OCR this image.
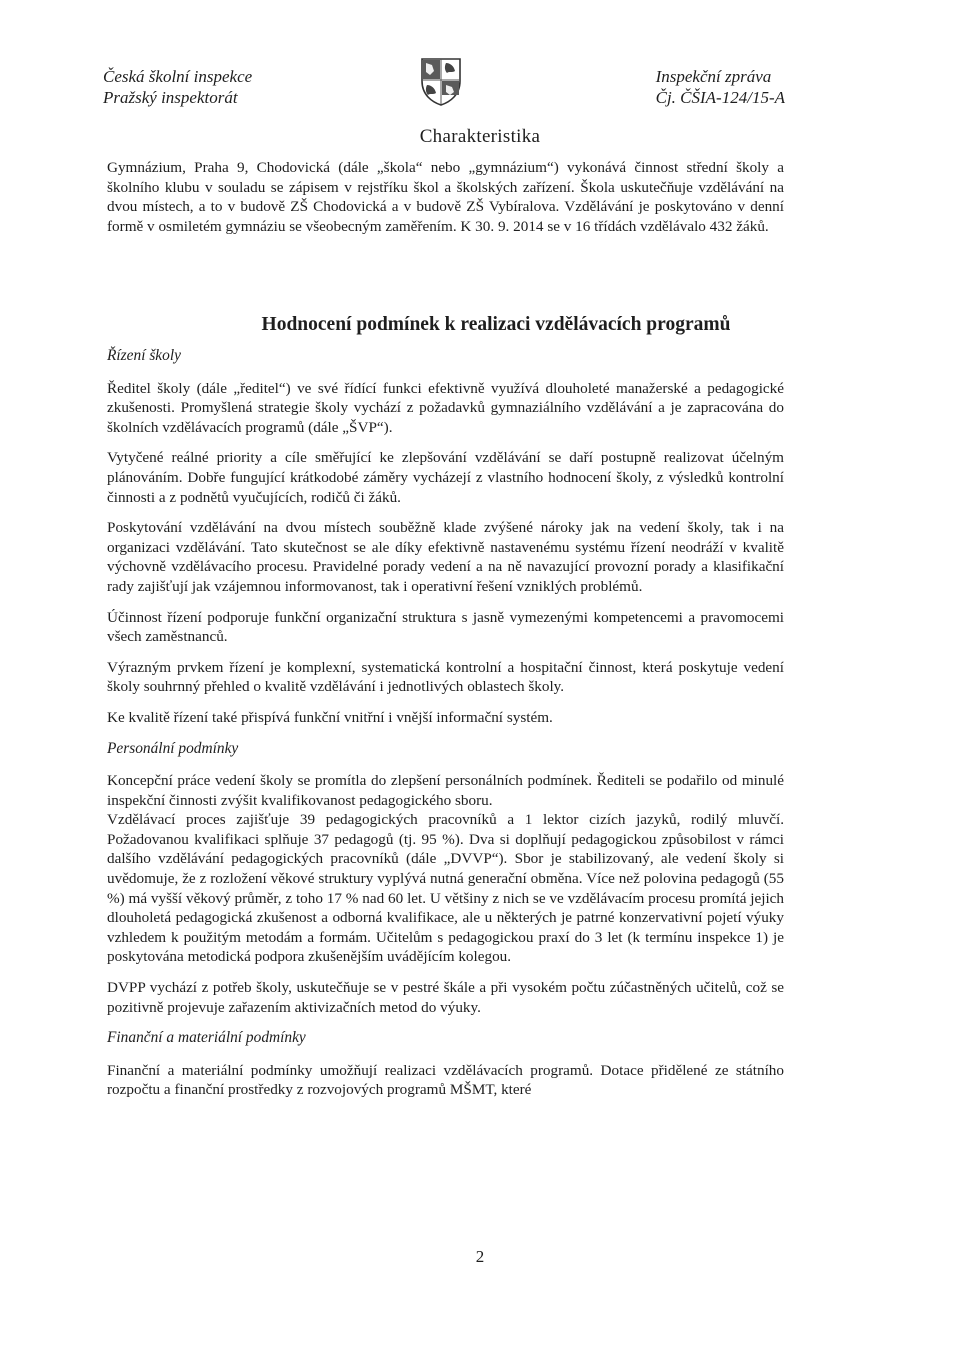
Česká školní inspekce
Pražský inspektorát
Inspekční zpráva
Čj. ČŠIA-124/15-A
Charakteristika

Gymnázium, Praha 9, Chodovická (dále „škola“ nebo „gymnázium“) vykonává činnost střední školy a školního klubu v souladu se zápisem v rejstříku škol a školských zařízení. Škola uskutečňuje vzdělávání na dvou místech, a to v budově ZŠ Chodovická a v budově ZŠ Vybíralova. Vzdělávání je poskytováno v denní formě v osmiletém gymnáziu se všeobecným zaměřením. K 30. 9. 2014 se v 16 třídách vzdělávalo 432 žáků.

Hodnocení podmínek k realizaci vzdělávacích programů

Řízení školy

Ředitel školy (dále „ředitel“) ve své řídící funkci efektivně využívá dlouholeté manažerské a pedagogické zkušenosti. Promyšlená strategie školy vychází z požadavků gymnaziálního vzdělávání a je zapracována do školních vzdělávacích programů (dále „ŠVP“).

Vytyčené reálné priority a cíle směřující ke zlepšování vzdělávání se daří postupně realizovat účelným plánováním. Dobře fungující krátkodobé záměry vycházejí z vlastního hodnocení školy, z výsledků kontrolní činnosti a z podnětů vyučujících, rodičů či žáků.

Poskytování vzdělávání na dvou místech souběžně klade zvýšené nároky jak na vedení školy, tak i na organizaci vzdělávání. Tato skutečnost se ale díky efektivně nastavenému systému řízení neodráží v kvalitě výchovně vzdělávacího procesu. Pravidelné porady vedení a na ně navazující provozní porady a klasifikační rady zajišťují jak vzájemnou informovanost, tak i operativní řešení vzniklých problémů.

Účinnost řízení podporuje funkční organizační struktura s jasně vymezenými kompetencemi a pravomocemi všech zaměstnanců.

Výrazným prvkem řízení je komplexní, systematická kontrolní a hospitační činnost, která poskytuje vedení školy souhrnný přehled o kvalitě vzdělávání i jednotlivých oblastech školy.

Ke kvalitě řízení také přispívá funkční vnitřní i vnější informační systém.

Personální podmínky

Koncepční práce vedení školy se promítla do zlepšení personálních podmínek. Řediteli se podařilo od minulé inspekční činnosti zvýšit kvalifikovanost pedagogického sboru.

Vzdělávací proces zajišťuje 39 pedagogických pracovníků a 1 lektor cizích jazyků, rodilý mluvčí. Požadovanou kvalifikaci splňuje 37 pedagogů (tj. 95 %). Dva si doplňují pedagogickou způsobilost v rámci dalšího vzdělávání pedagogických pracovníků (dále „DVVP“). Sbor je stabilizovaný, ale vedení školy si uvědomuje, že z rozložení věkové struktury vyplývá nutná generační obměna. Více než polovina pedagogů (55 %) má vyšší věkový průměr, z toho 17 % nad 60 let. U většiny z nich se ve vzdělávacím procesu promítá jejich dlouholetá pedagogická zkušenost a odborná kvalifikace, ale u některých je patrné konzervativní pojetí výuky vzhledem k použitým metodám a formám. Učitelům s pedagogickou praxí do 3 let (k termínu inspekce 1) je poskytována metodická podpora zkušenějším uvádějícím kolegou.

DVPP vychází z potřeb školy, uskutečňuje se v pestré škále a při vysokém počtu zúčastněných učitelů, což se pozitivně projevuje zařazením aktivizačních metod do výuky.

Finanční a materiální podmínky

Finanční a materiální podmínky umožňují realizaci vzdělávacích programů. Dotace přidělené ze státního rozpočtu a finanční prostředky z rozvojových programů MŠMT, které

2
